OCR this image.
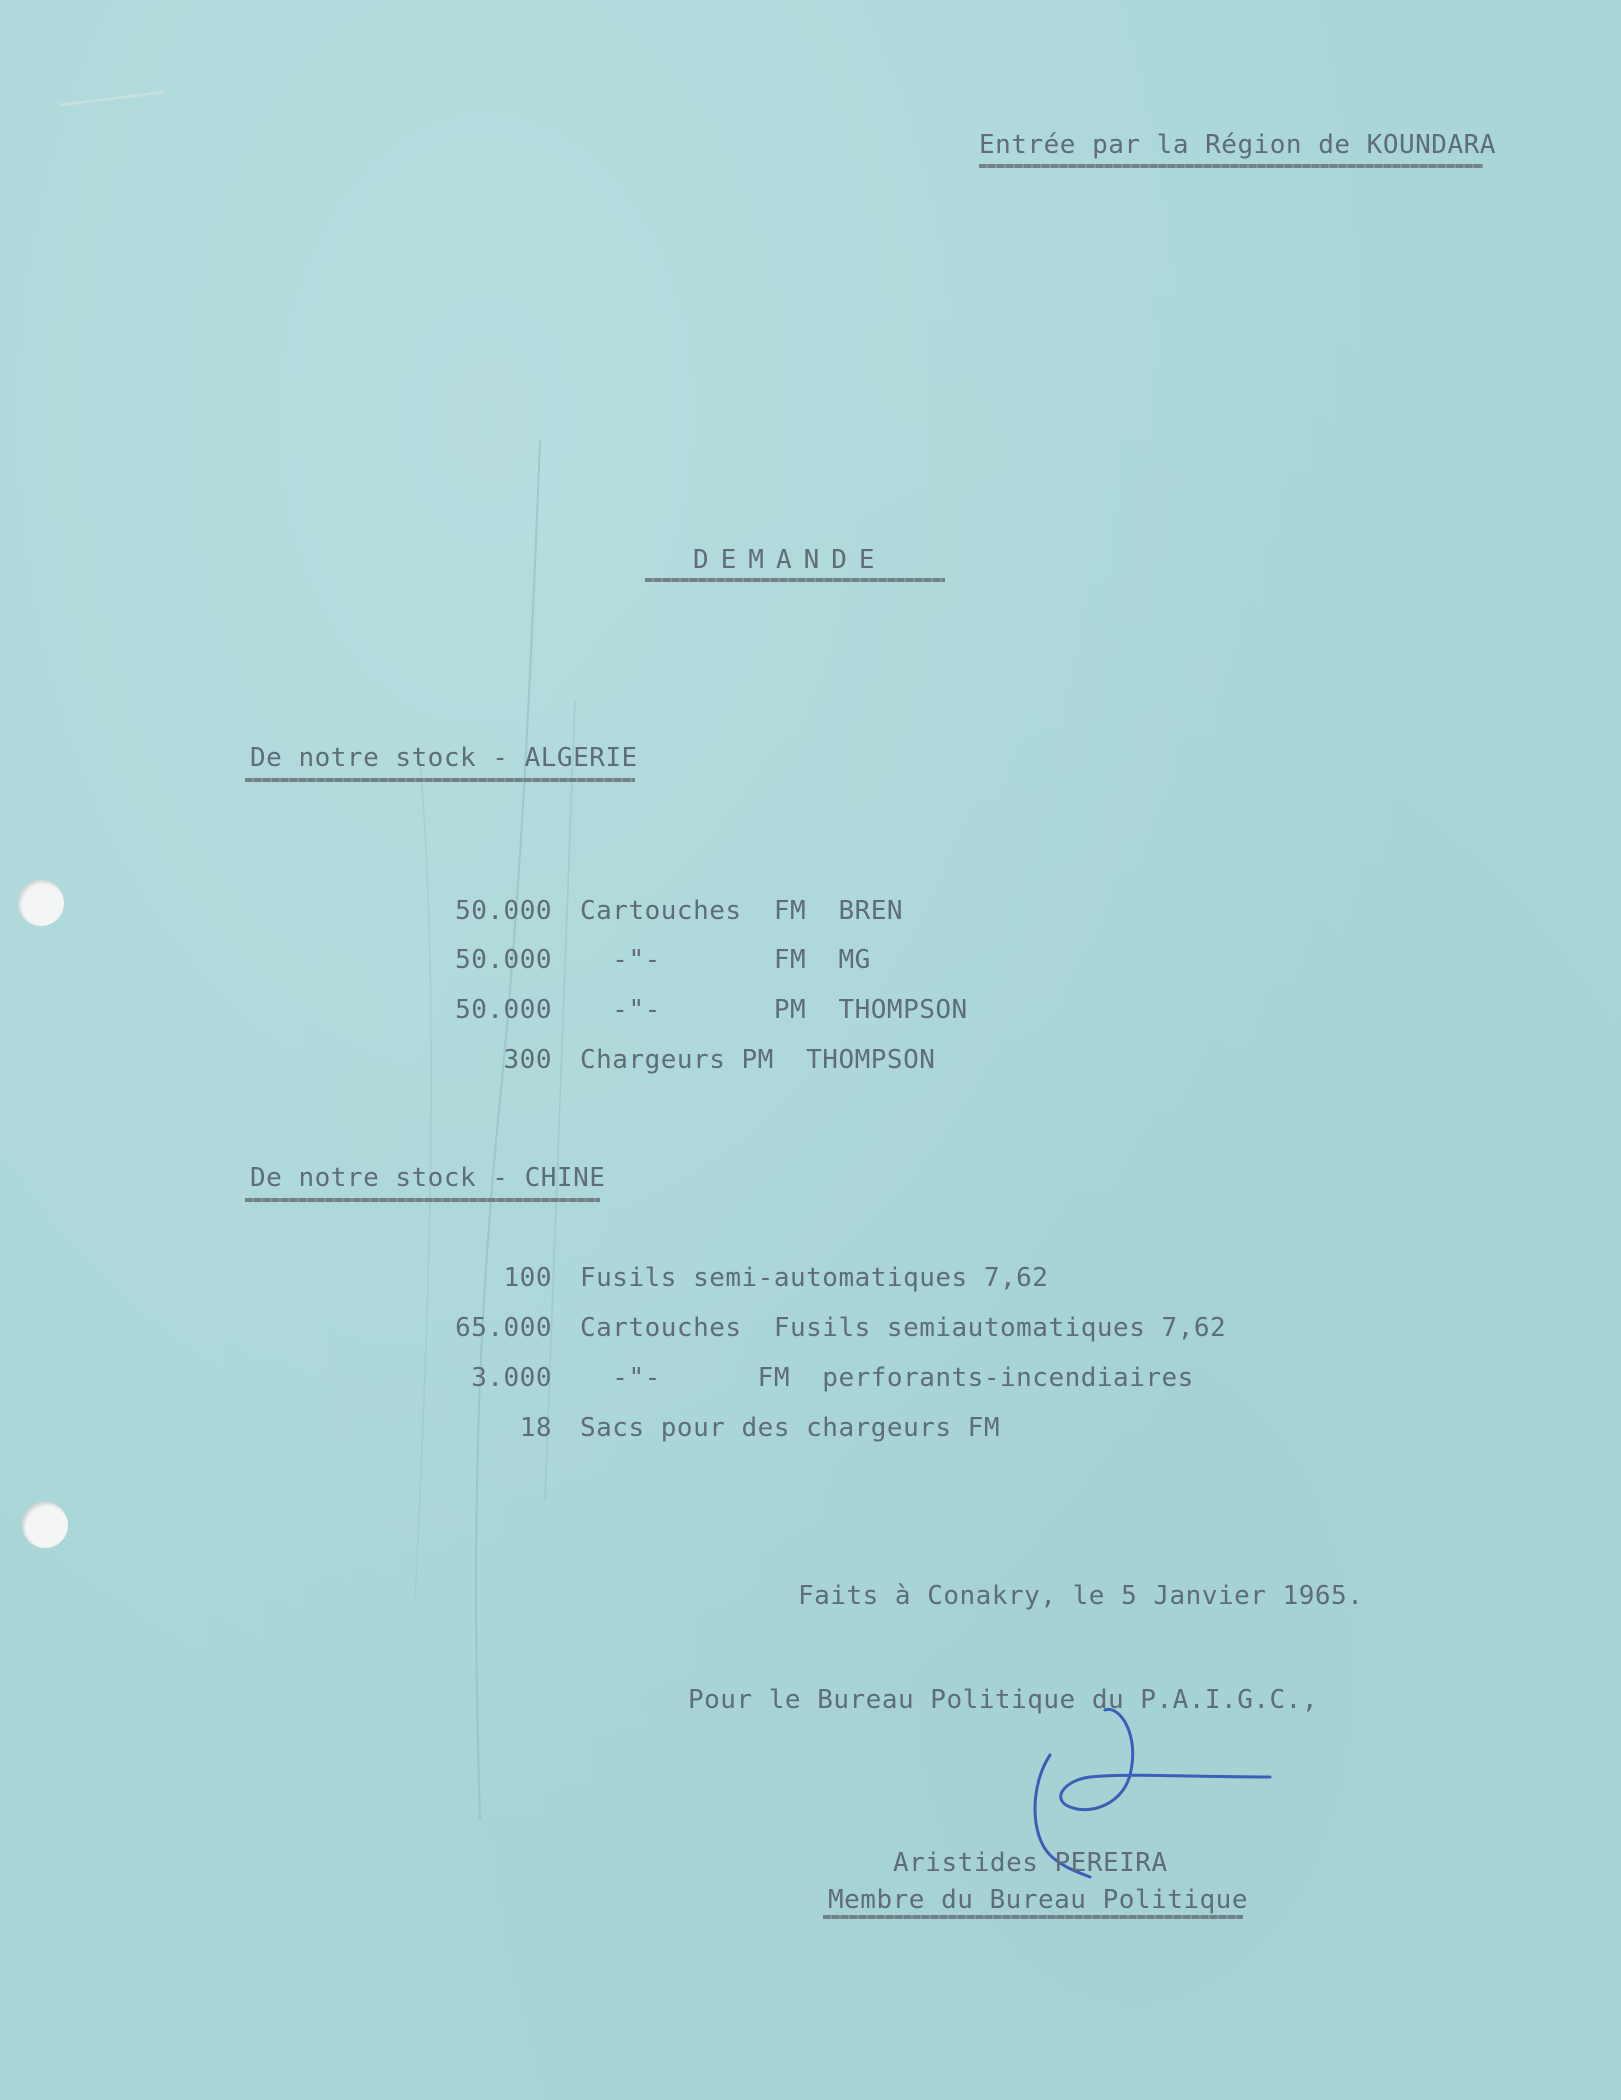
Entrée par la Région de KOUNDARA
DEMANDE
De notre stock - ALGERIE
50.000 Cartouches  FM  BREN
50.000 -"-       FM  MG
50.000 -"-       PM  THOMPSON
300 Chargeurs PM  THOMPSON
De notre stock - CHINE
100 Fusils semi-automatiques 7,62
65.000 Cartouches  Fusils semiautomatiques 7,62
3.000 -"-      FM  perforants-incendiaires
18 Sacs pour des chargeurs FM
Faits à Conakry, le 5 Janvier 1965.
Pour le Bureau Politique du P.A.I.G.C.,
Aristides PEREIRA
Membre du Bureau Politique
